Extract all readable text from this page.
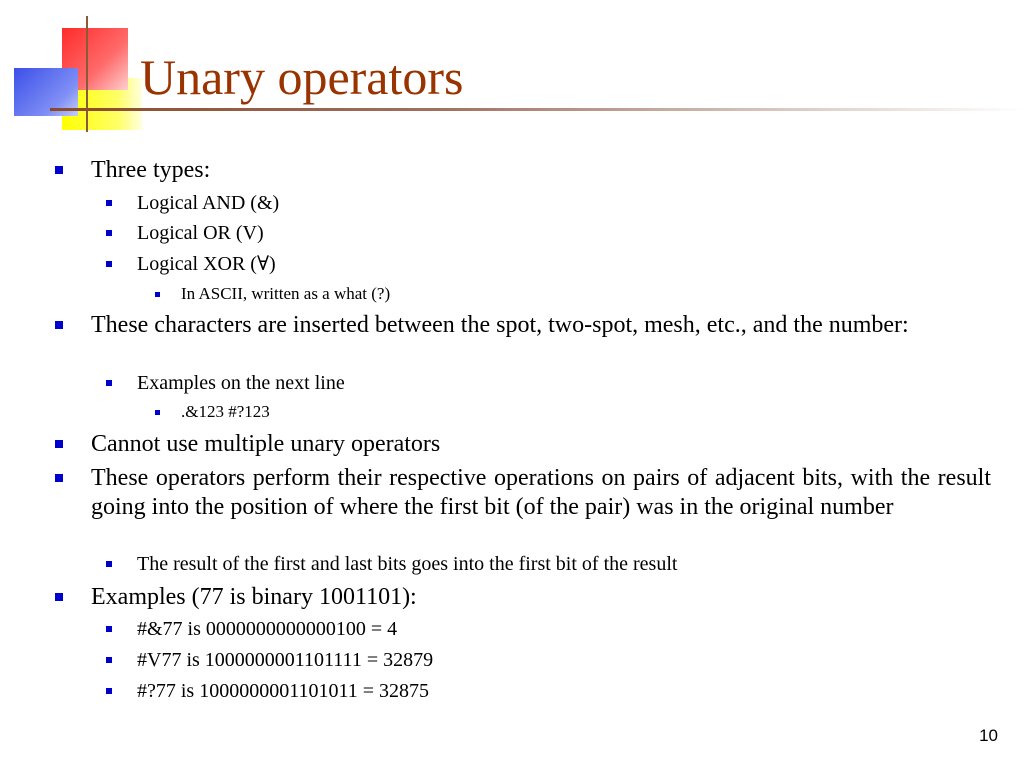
Unary operators
Three types:
Logical AND (&)
Logical OR (V)
Logical XOR (∀)
In ASCII, written as a what (?)
These characters are inserted between the spot, two-spot, mesh, etc., and the number:
Examples on the next line
.&123 #?123
Cannot use multiple unary operators
These operators perform their respective operations on pairs of adjacent bits, with the result going into the position of where the first bit (of the pair) was in the original number
The result of the first and last bits goes into the first bit of the result
Examples (77 is binary 1001101):
#&77 is 0000000000000100 = 4
#V77 is 1000000001101111 = 32879
#?77 is 1000000001101011 = 32875
10
